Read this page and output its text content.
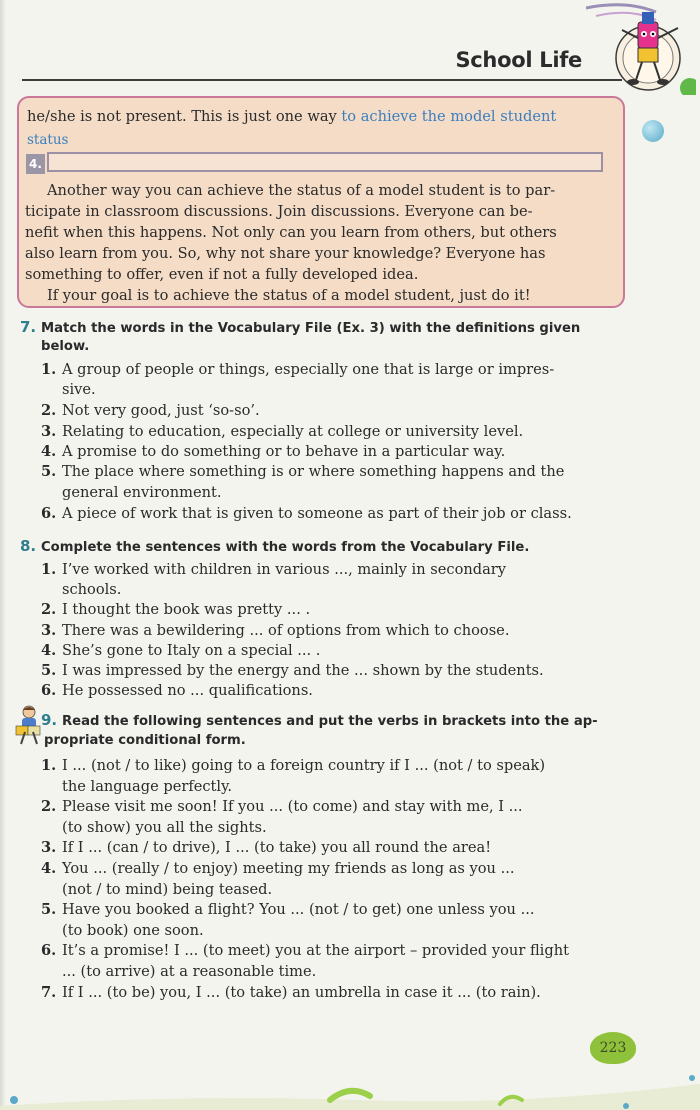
School Life
he/she is not present. This is just one way to achieve the model student
status
4.
Another way you can achieve the status of a model student is to par-
ticipate in classroom discussions. Join discussions. Everyone can be-
nefit when this happens. Not only can you learn from others, but others
also learn from you. So, why not share your knowledge? Everyone has
something to offer, even if not a fully developed idea.
If your goal is to achieve the status of a model student, just do it!
7. Match the words in the Vocabulary File (Ex. 3) with the definitions given
below.
1. A group of people or things, especially one that is large or impres-
sive.
2. Not very good, just ‘so-so’.
3. Relating to education, especially at college or university level.
4. A promise to do something or to behave in a particular way.
5. The place where something is or where something happens and the
general environment.
6. A piece of work that is given to someone as part of their job or class.
8. Complete the sentences with the words from the Vocabulary File.
1. I’ve worked with children in various ..., mainly in secondary
schools.
2. I thought the book was pretty ... .
3. There was a bewildering ... of options from which to choose.
4. She’s gone to Italy on a special ... .
5. I was impressed by the energy and the ... shown by the students.
6. He possessed no ... qualifications.
9. Read the following sentences and put the verbs in brackets into the ap-
propriate conditional form.
1. I ... (not / to like) going to a foreign country if I ... (not / to speak)
the language perfectly.
2. Please visit me soon! If you ... (to come) and stay with me, I ...
(to show) you all the sights.
3. If I ... (can / to drive), I ... (to take) you all round the area!
4. You ... (really / to enjoy) meeting my friends as long as you ...
(not / to mind) being teased.
5. Have you booked a flight? You ... (not / to get) one unless you ...
(to book) one soon.
6. It’s a promise! I ... (to meet) you at the airport – provided your flight
... (to arrive) at a reasonable time.
7. If I ... (to be) you, I ... (to take) an umbrella in case it ... (to rain).
223
